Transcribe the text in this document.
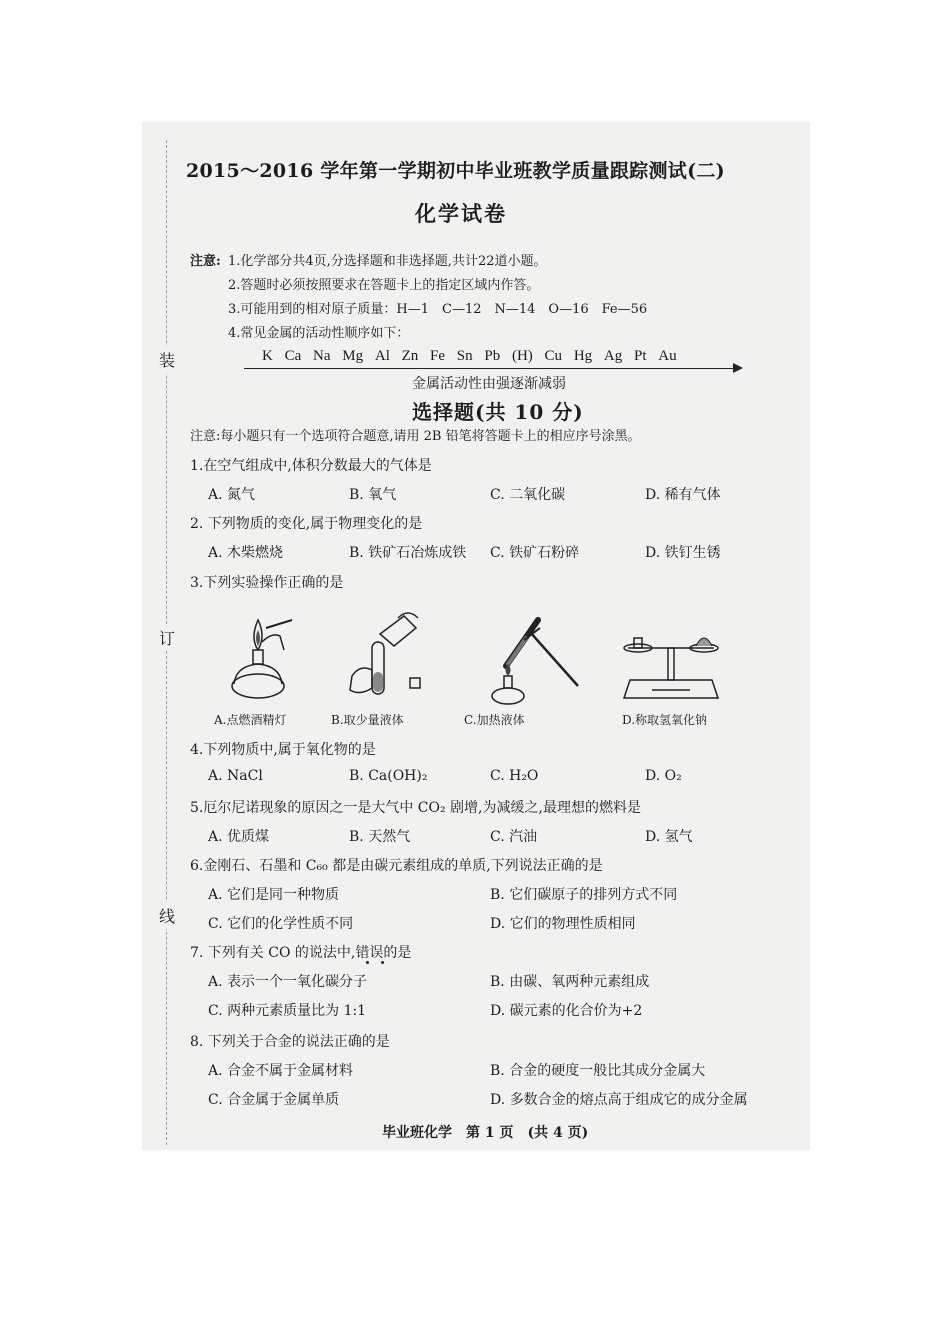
装
订
线
2015～2016 学年第一学期初中毕业班教学质量跟踪测试(二)
化学试卷
注意: 1.化学部分共4页,分选择题和非选择题,共计22道小题。
2.答题时必须按照要求在答题卡上的指定区域内作答。
3.可能用到的相对原子质量：H—1　C—12　N—14　O—16　Fe—56
4.常见金属的活动性顺序如下：
K Ca Na Mg Al Zn Fe Sn Pb (H) Cu Hg Ag Pt Au
金属活动性由强逐渐减弱
选择题(共 10 分)
注意:每小题只有一个选项符合题意,请用 2B 铅笔将答题卡上的相应序号涂黑。
1.在空气组成中,体积分数最大的气体是
A. 氮气	B. 氧气	C. 二氧化碳	D. 稀有气体
2. 下列物质的变化,属于物理变化的是
A. 木柴燃烧	B. 铁矿石冶炼成铁 C. 铁矿石粉碎	D. 铁钉生锈
3.下列实验操作正确的是
A.点燃酒精灯	B.取少量液体	C.加热液体	D.称取氢氧化钠
4.下列物质中,属于氧化物的是
A. NaCl	B. Ca(OH)₂	C. H₂O	D. O₂
5.厄尔尼诺现象的原因之一是大气中 CO₂ 剧增,为减缓之,最理想的燃料是
A. 优质煤	B. 天然气	C. 汽油	D. 氢气
6.金刚石、石墨和 C₆₀ 都是由碳元素组成的单质,下列说法正确的是
A. 它们是同一种物质	B. 它们碳原子的排列方式不同
C. 它们的化学性质不同	D. 它们的物理性质相同
7. 下列有关 CO 的说法中,错误的是
A. 表示一个一氧化碳分子	B. 由碳、氧两种元素组成
C. 两种元素质量比为 1:1	D. 碳元素的化合价为+2
8. 下列关于合金的说法正确的是
A. 合金不属于金属材料	B. 合金的硬度一般比其成分金属大
C. 合金属于金属单质	D. 多数合金的熔点高于组成它的成分金属
毕业班化学　第 1 页　(共 4 页)
